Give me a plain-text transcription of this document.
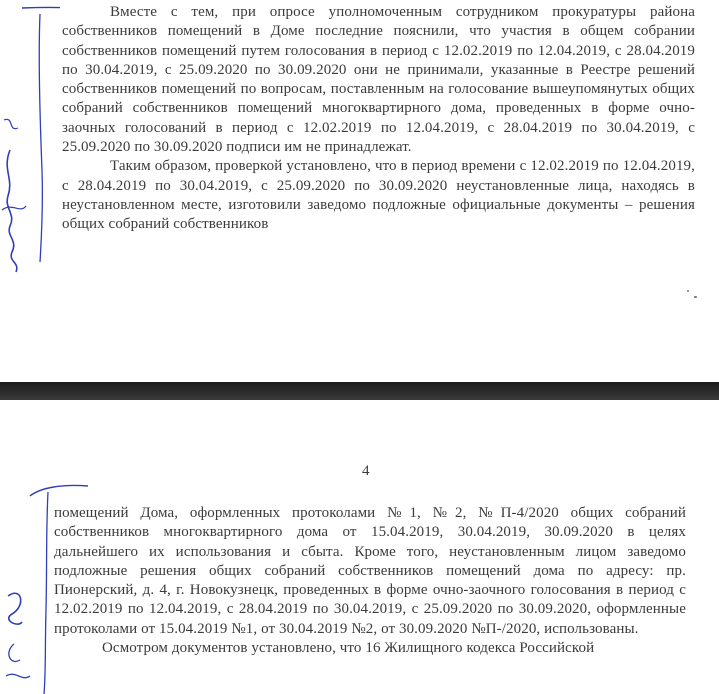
Вместе с тем, при опросе уполномоченным сотрудником прокуратуры района собственников помещений в Доме последние пояснили, что участия в общем собрании собственников помещений путем голосования в период с 12.02.2019 по 12.04.2019, с 28.04.2019 по 30.04.2019, с 25.09.2020 по 30.09.2020 они не принимали, указанные в Реестре решений собственников помещений по вопросам, поставленным на голосование вышеупомянутых общих собраний собственников помещений многоквартирного дома, проведенных в форме очно-заочных голосований в период с 12.02.2019 по 12.04.2019, с 28.04.2019 по 30.04.2019, с 25.09.2020 по 30.09.2020 подписи им не принадлежат.

Таким образом, проверкой установлено, что в период времени с 12.02.2019 по 12.04.2019, с 28.04.2019 по 30.04.2019, с 25.09.2020 по 30.09.2020 неустановленные лица, находясь в неустановленном месте, изготовили заведомо подложные официальные документы – решения общих собраний собственников

4

помещений Дома, оформленных протоколами №1, №2, №П-4/2020 общих собраний собственников многоквартирного дома от 15.04.2019, 30.04.2019, 30.09.2020 в целях дальнейшего их использования и сбыта. Кроме того, неустановленным лицом заведомо подложные решения общих собраний собственников помещений дома по адресу: пр. Пионерский, д. 4, г. Новокузнецк, проведенных в форме очно-заочного голосования в период с 12.02.2019 по 12.04.2019, с 28.04.2019 по 30.04.2019, с 25.09.2020 по 30.09.2020, оформленные протоколами от 15.04.2019 №1, от 30.04.2019 №2, от 30.09.2020 №П-/2020, использованы.

Осмотром документов установлено, что 16 Жилищного кодекса Российской
